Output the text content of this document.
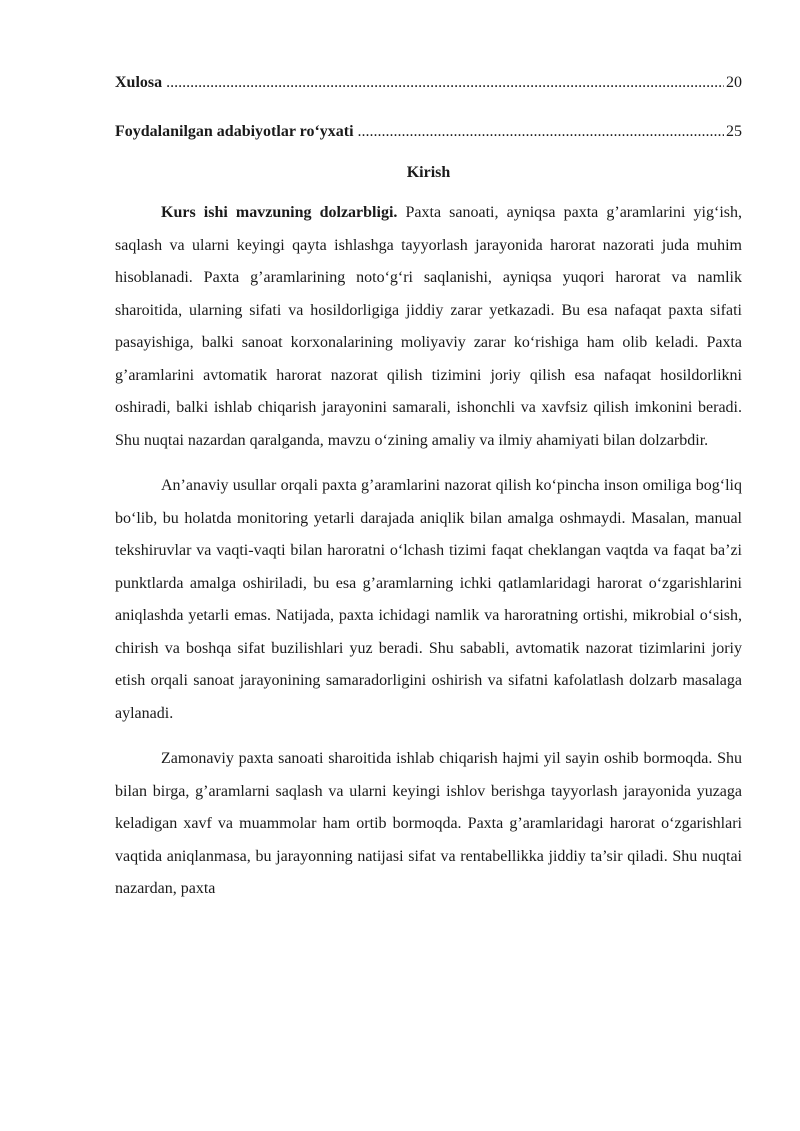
Xulosa .....	20
Foydalanilgan adabiyotlar ro‘yxati .....	25
Kirish

Kurs ishi mavzuning dolzarbligi. Paxta sanoati, ayniqsa paxta g’aramlarini yig‘ish, saqlash va ularni keyingi qayta ishlashga tayyorlash jarayonida harorat nazorati juda muhim hisoblanadi. Paxta g’aramlarining noto‘g‘ri saqlanishi, ayniqsa yuqori harorat va namlik sharoitida, ularning sifati va hosildorligiga jiddiy zarar yetkazadi. Bu esa nafaqat paxta sifati pasayishiga, balki sanoat korxonalarining moliyaviy zarar ko‘rishiga ham olib keladi. Paxta g’aramlarini avtomatik harorat nazorat qilish tizimini joriy qilish esa nafaqat hosildorlikni oshiradi, balki ishlab chiqarish jarayonini samarali, ishonchli va xavfsiz qilish imkonini beradi. Shu nuqtai nazardan qaralganda, mavzu o‘zining amaliy va ilmiy ahamiyati bilan dolzarbdir.

An’anaviy usullar orqali paxta g’aramlarini nazorat qilish ko‘pincha inson omiliga bog‘liq bo‘lib, bu holatda monitoring yetarli darajada aniqlik bilan amalga oshmaydi. Masalan, manual tekshiruvlar va vaqti-vaqti bilan haroratni o‘lchash tizimi faqat cheklangan vaqtda va faqat ba’zi punktlarda amalga oshiriladi, bu esa g’aramlarning ichki qatlamlaridagi harorat o‘zgarishlarini aniqlashda yetarli emas. Natijada, paxta ichidagi namlik va haroratning ortishi, mikrobial o‘sish, chirish va boshqa sifat buzilishlari yuz beradi. Shu sababli, avtomatik nazorat tizimlarini joriy etish orqali sanoat jarayonining samaradorligini oshirish va sifatni kafolatlash dolzarb masalaga aylanadi.

Zamonaviy paxta sanoati sharoitida ishlab chiqarish hajmi yil sayin oshib bormoqda. Shu bilan birga, g’aramlarni saqlash va ularni keyingi ishlov berishga tayyorlash jarayonida yuzaga keladigan xavf va muammolar ham ortib bormoqda. Paxta g’aramlaridagi harorat o‘zgarishlari vaqtida aniqlanmasa, bu jarayonning natijasi sifat va rentabellikka jiddiy ta’sir qiladi. Shu nuqtai nazardan, paxta
